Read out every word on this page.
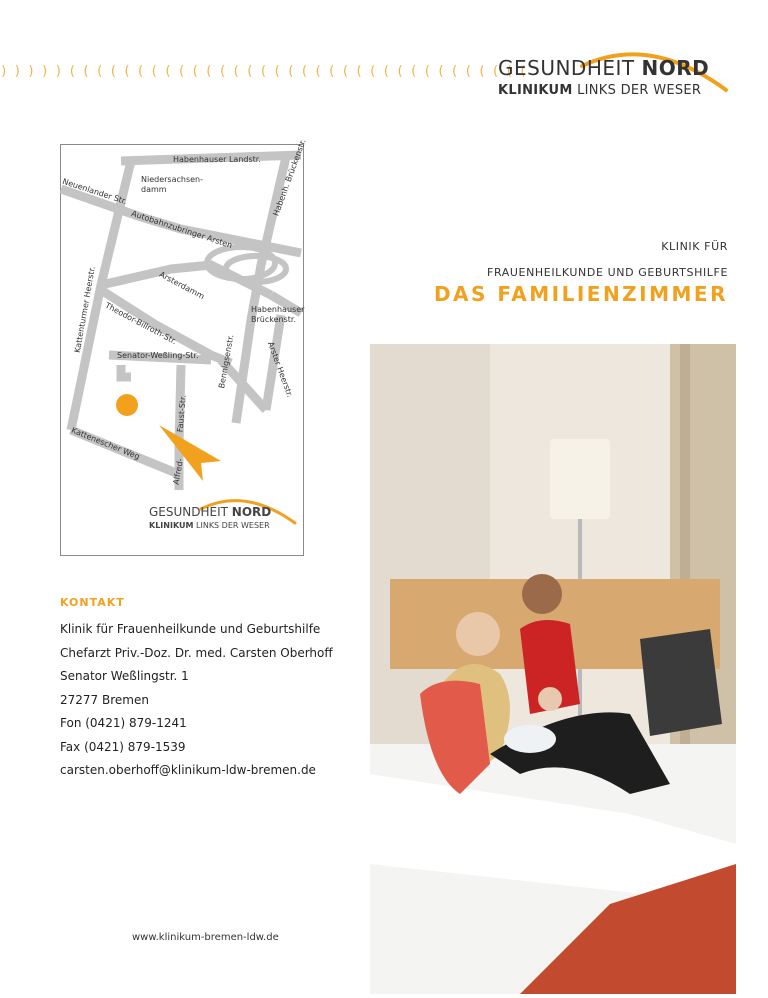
) ) ) ) ) ( ( ( ( ( ( ( ( ( ( ( ( ( ( ( ( ( ( ( ( ( ( ( ( ( ( ( ( ( ( ( ( ( (
GESUNDHEIT NORD
KLINIKUM LINKS DER WESER
Habenhauser Landstr.
Niedersachsen-
damm
Neuenlander Str.	Habenh. Brückenstr.
Autobahnzubringer Arsten
Arsterdamm
Habenhauser
Brückenstr.
Kattenturmer Heerstr. Theodor-Billroth-Str.
Senator-Weßling-Str. Bennigsenstr.	Arster Heerstr.
Faust-Str.
Kattenescher Weg
Alfred-
GESUNDHEIT NORD
KLINIKUM LINKS DER WESER
KLINIK FÜR
FRAUENHEILKUNDE UND GEBURTSHILFE
DAS FAMILIENZIMMER
KONTAKT
Klinik für Frauenheilkunde und Geburtshilfe
Chefarzt Priv.-Doz. Dr. med. Carsten Oberhoff
Senator Weßlingstr. 1
27277 Bremen
Fon (0421) 879-1241
Fax (0421) 879-1539
carsten.oberhoff@klinikum-ldw-bremen.de
www.klinikum-bremen-ldw.de
